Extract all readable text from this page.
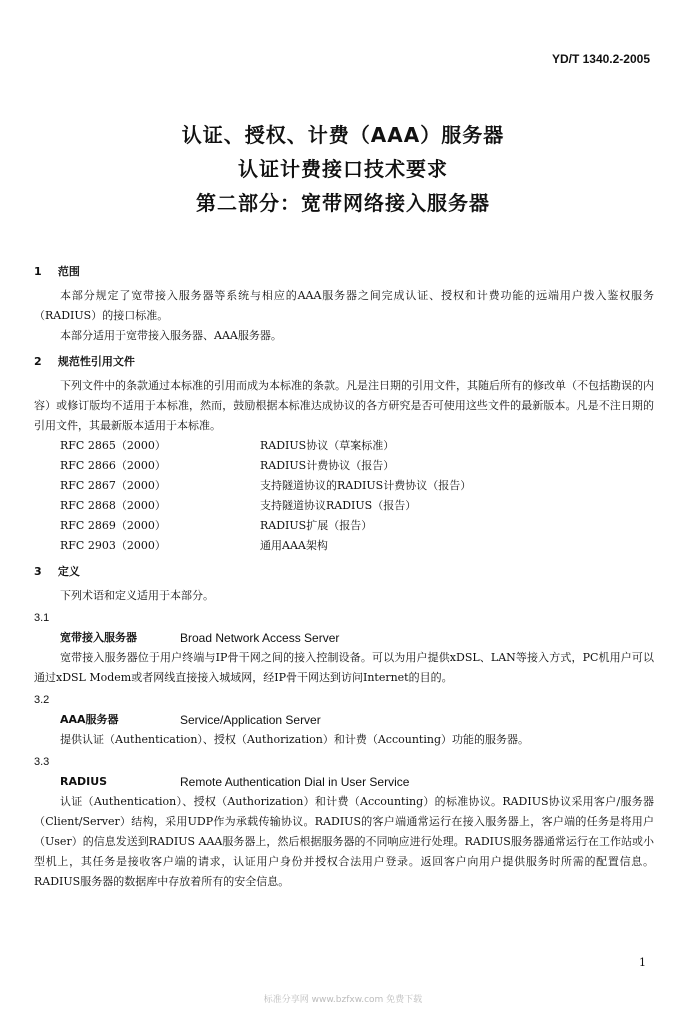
YD/T 1340.2-2005
认证、授权、计费（AAA）服务器
认证计费接口技术要求
第二部分：宽带网络接入服务器
1 范围
本部分规定了宽带接入服务器等系统与相应的AAA服务器之间完成认证、授权和计费功能的远端用户拨入鉴权服务（RADIUS）的接口标准。
本部分适用于宽带接入服务器、AAA服务器。
2 规范性引用文件
下列文件中的条款通过本标准的引用而成为本标准的条款。凡是注日期的引用文件，其随后所有的修改单（不包括勘误的内容）或修订版均不适用于本标准，然而，鼓励根据本标准达成协议的各方研究是否可使用这些文件的最新版本。凡是不注日期的引用文件，其最新版本适用于本标准。
RFC 2865（2000）	RADIUS协议（草案标准）
RFC 2866（2000）	RADIUS计费协议（报告）
RFC 2867（2000）	支持隧道协议的RADIUS计费协议（报告）
RFC 2868（2000）	支持隧道协议RADIUS（报告）
RFC 2869（2000）	RADIUS扩展（报告）
RFC 2903（2000）	通用AAA架构
3 定义
下列术语和定义适用于本部分。
3.1
宽带接入服务器	Broad Network Access Server
宽带接入服务器位于用户终端与IP骨干网之间的接入控制设备。可以为用户提供xDSL、LAN等接入方式，PC机用户可以通过xDSL Modem或者网线直接接入城域网，经IP骨干网达到访问Internet的目的。
3.2
AAA服务器	Service/Application Server
提供认证（Authentication）、授权（Authorization）和计费（Accounting）功能的服务器。
3.3
RADIUS	Remote Authentication Dial in User Service
认证（Authentication）、授权（Authorization）和计费（Accounting）的标准协议。RADIUS协议采用客户/服务器（Client/Server）结构，采用UDP作为承载传输协议。RADIUS的客户端通常运行在接入服务器上，客户端的任务是将用户（User）的信息发送到RADIUS AAA服务器上，然后根据服务器的不同响应进行处理。RADIUS服务器通常运行在工作站或小型机上，其任务是接收客户端的请求，认证用户身份并授权合法用户登录。返回客户向用户提供服务时所需的配置信息。RADIUS服务器的数据库中存放着所有的安全信息。
1
标准分享网 www.bzfxw.com 免费下载
